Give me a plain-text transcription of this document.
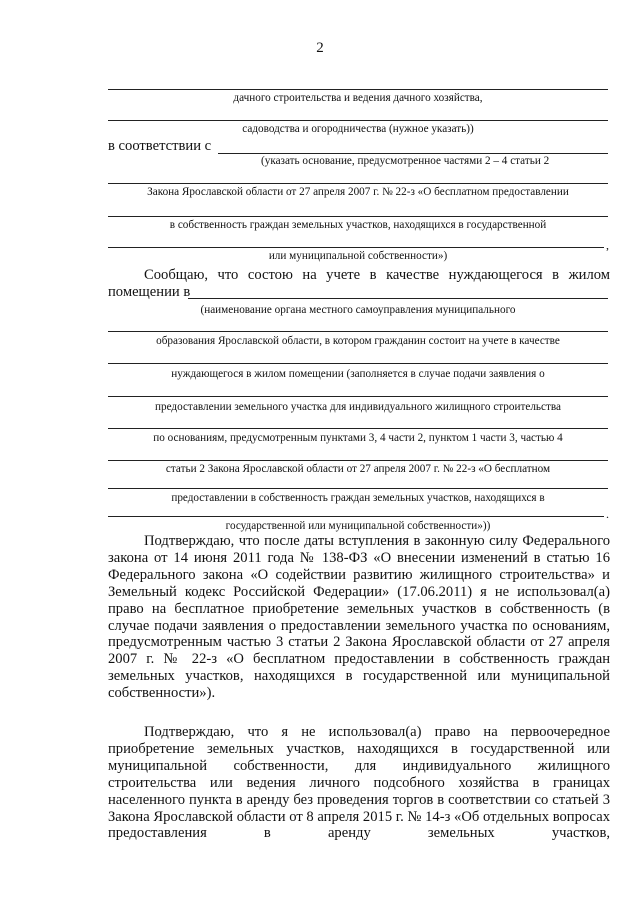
2
дачного строительства и ведения дачного хозяйства,
садоводства и огородничества (нужное указать))
в соответствии с
(указать основание, предусмотренное частями 2 – 4 статьи 2
Закона Ярославской области от 27 апреля 2007 г. № 22-з «О бесплатном предоставлении
в собственность граждан земельных участков, находящихся в государственной
,
или муниципальной собственности»)
Сообщаю, что состою на учете в качестве нуждающегося в жилом
помещении в
(наименование органа местного самоуправления муниципального
образования Ярославской области, в котором гражданин состоит на учете в качестве
нуждающегося в жилом помещении (заполняется в случае подачи заявления о
предоставлении земельного участка для индивидуального жилищного строительства
по основаниям, предусмотренным пунктами 3, 4 части 2, пунктом 1 части 3, частью 4
статьи 2 Закона Ярославской области от 27 апреля 2007 г. № 22-з «О бесплатном
предоставлении в собственность граждан земельных участков, находящихся в
.
государственной или муниципальной собственности»))

Подтверждаю, что после даты вступления в законную силу Федерального закона от 14 июня 2011 года № 138-ФЗ «О внесении изменений в статью 16 Федерального закона «О содействии развитию жилищного строительства» и Земельный кодекс Российской Федерации» (17.06.2011) я не использовал(а) право на бесплатное приобретение земельных участков в собственность (в случае подачи заявления о предоставлении земельного участка по основаниям, предусмотренным частью 3 статьи 2 Закона Ярославской области от 27 апреля 2007 г. № 22-з «О бесплатном предоставлении в собственность граждан земельных участков, находящихся в государственной или муниципальной собственности»).

Подтверждаю, что я не использовал(а) право на первоочередное приобретение земельных участков, находящихся в государственной или муниципальной собственности, для индивидуального жилищного строительства или ведения личного подсобного хозяйства в границах населенного пункта в аренду без проведения торгов в соответствии со статьей 3 Закона Ярославской области от 8 апреля 2015 г. № 14-з «Об отдельных вопросах предоставления в аренду земельных участков,
